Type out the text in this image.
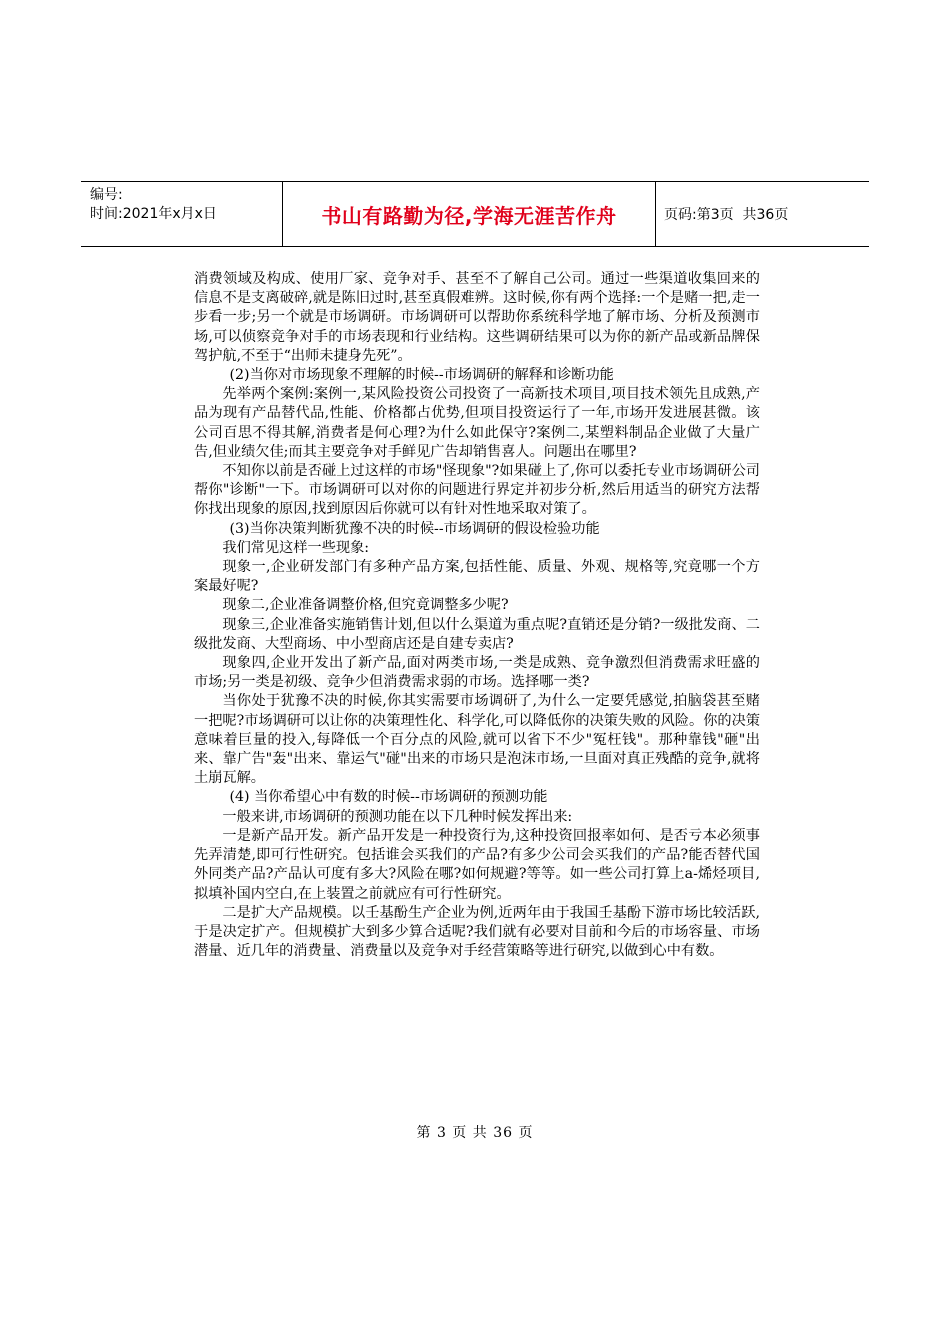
编号:
时间:2021年x月x日	书山有路勤为径,学海无涯苦作舟	页码:第3页  共36页

消费领域及构成、使用厂家、竞争对手、甚至不了解自己公司。通过一些渠道收集回来的信息不是支离破碎,就是陈旧过时,甚至真假难辨。这时候,你有两个选择:一个是赌一把,走一步看一步;另一个就是市场调研。市场调研可以帮助你系统科学地了解市场、分析及预测市场,可以侦察竞争对手的市场表现和行业结构。这些调研结果可以为你的新产品或新品牌保驾护航,不至于“出师未捷身先死”。

(2)当你对市场现象不理解的时候--市场调研的解释和诊断功能

先举两个案例:案例一,某风险投资公司投资了一高新技术项目,项目技术领先且成熟,产品为现有产品替代品,性能、价格都占优势,但项目投资运行了一年,市场开发进展甚微。该公司百思不得其解,消费者是何心理?为什么如此保守?案例二,某塑料制品企业做了大量广告,但业绩欠佳;而其主要竞争对手鲜见广告却销售喜人。问题出在哪里?

不知你以前是否碰上过这样的市场"怪现象"?如果碰上了,你可以委托专业市场调研公司帮你"诊断"一下。市场调研可以对你的问题进行界定并初步分析,然后用适当的研究方法帮你找出现象的原因,找到原因后你就可以有针对性地采取对策了。

(3)当你决策判断犹豫不决的时候--市场调研的假设检验功能

我们常见这样一些现象:

现象一,企业研发部门有多种产品方案,包括性能、质量、外观、规格等,究竟哪一个方案最好呢?

现象二,企业准备调整价格,但究竟调整多少呢?

现象三,企业准备实施销售计划,但以什么渠道为重点呢?直销还是分销?一级批发商、二级批发商、大型商场、中小型商店还是自建专卖店?

现象四,企业开发出了新产品,面对两类市场,一类是成熟、竞争激烈但消费需求旺盛的市场;另一类是初级、竞争少但消费需求弱的市场。选择哪一类?

当你处于犹豫不决的时候,你其实需要市场调研了,为什么一定要凭感觉,拍脑袋甚至赌一把呢?市场调研可以让你的决策理性化、科学化,可以降低你的决策失败的风险。你的决策意味着巨量的投入,每降低一个百分点的风险,就可以省下不少"冤枉钱"。那种靠钱"砸"出来、靠广告"轰"出来、靠运气"碰"出来的市场只是泡沫市场,一旦面对真正残酷的竞争,就将土崩瓦解。

(4) 当你希望心中有数的时候--市场调研的预测功能

一般来讲,市场调研的预测功能在以下几种时候发挥出来:

一是新产品开发。新产品开发是一种投资行为,这种投资回报率如何、是否亏本必须事先弄清楚,即可行性研究。包括谁会买我们的产品?有多少公司会买我们的产品?能否替代国外同类产品?产品认可度有多大?风险在哪?如何规避?等等。如一些公司打算上a-烯烃项目,拟填补国内空白,在上装置之前就应有可行性研究。

二是扩大产品规模。以壬基酚生产企业为例,近两年由于我国壬基酚下游市场比较活跃,于是决定扩产。但规模扩大到多少算合适呢?我们就有必要对目前和今后的市场容量、市场潜量、近几年的消费量、消费量以及竞争对手经营策略等进行研究,以做到心中有数。

第 3 页 共 36 页
